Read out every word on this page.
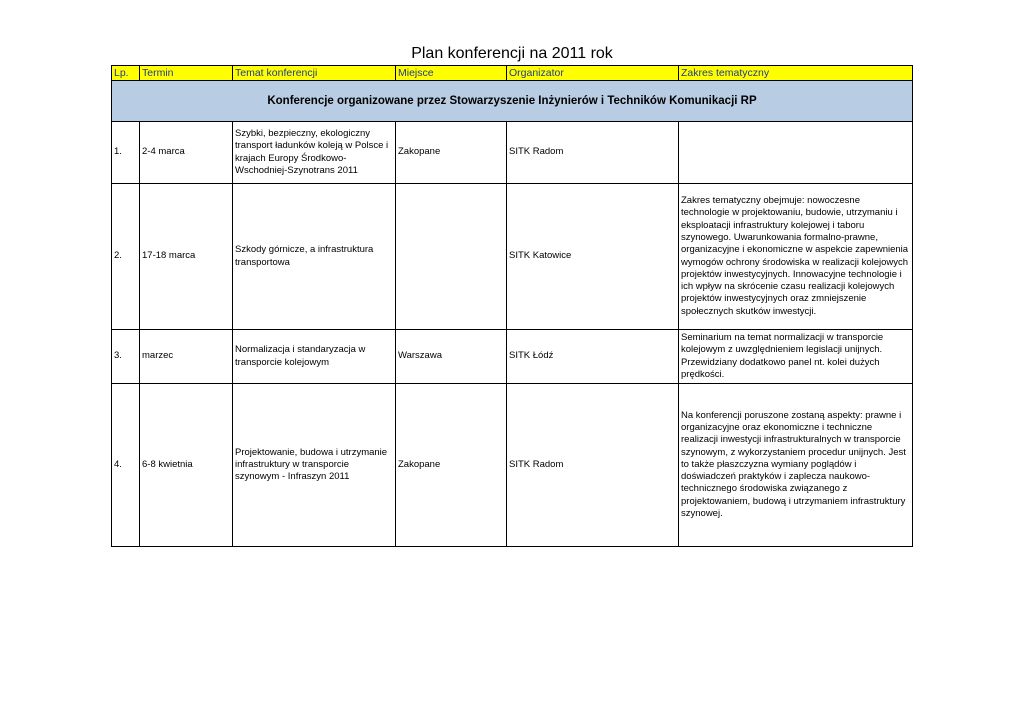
Plan konferencji na 2011 rok
Lp.	Termin	Temat konferencji	Miejsce	Organizator	Zakres tematyczny
Konferencje organizowane przez Stowarzyszenie Inżynierów i Techników Komunikacji RP					
1.	2-4 marca	Szybki, bezpieczny, ekologiczny transport ładunków koleją w Polsce i krajach Europy Środkowo-Wschodniej-Szynotrans 2011	Zakopane	SITK Radom	
2.	17-18 marca	Szkody górnicze, a infrastruktura transportowa		SITK Katowice	Zakres tematyczny obejmuje: nowoczesne technologie w projektowaniu, budowie, utrzymaniu i eksploatacji infrastruktury kolejowej i taboru szynowego. Uwarunkowania formalno-prawne, organizacyjne i ekonomiczne w aspekcie zapewnienia wymogów ochrony środowiska w realizacji kolejowych projektów inwestycyjnych. Innowacyjne technologie i ich wpływ na skrócenie czasu realizacji kolejowych projektów inwestycyjnych oraz zmniejszenie społecznych skutków inwestycji.
3.	marzec	Normalizacja i standaryzacja w transporcie kolejowym	Warszawa	SITK Łódź	Seminarium na temat normalizacji w transporcie kolejowym z uwzględnieniem legislacji unijnych. Przewidziany dodatkowo panel nt. kolei dużych prędkości.
4.	6-8 kwietnia	Projektowanie, budowa i utrzymanie infrastruktury w transporcie szynowym - Infraszyn 2011	Zakopane	SITK Radom	Na konferencji poruszone zostaną aspekty: prawne i organizacyjne oraz ekonomiczne i techniczne realizacji inwestycji infrastrukturalnych w transporcie szynowym, z wykorzystaniem procedur unijnych. Jest to także płaszczyzna wymiany poglądów i doświadczeń praktyków i zaplecza naukowo-technicznego środowiska związanego z projektowaniem, budową i utrzymaniem infrastruktury szynowej.
